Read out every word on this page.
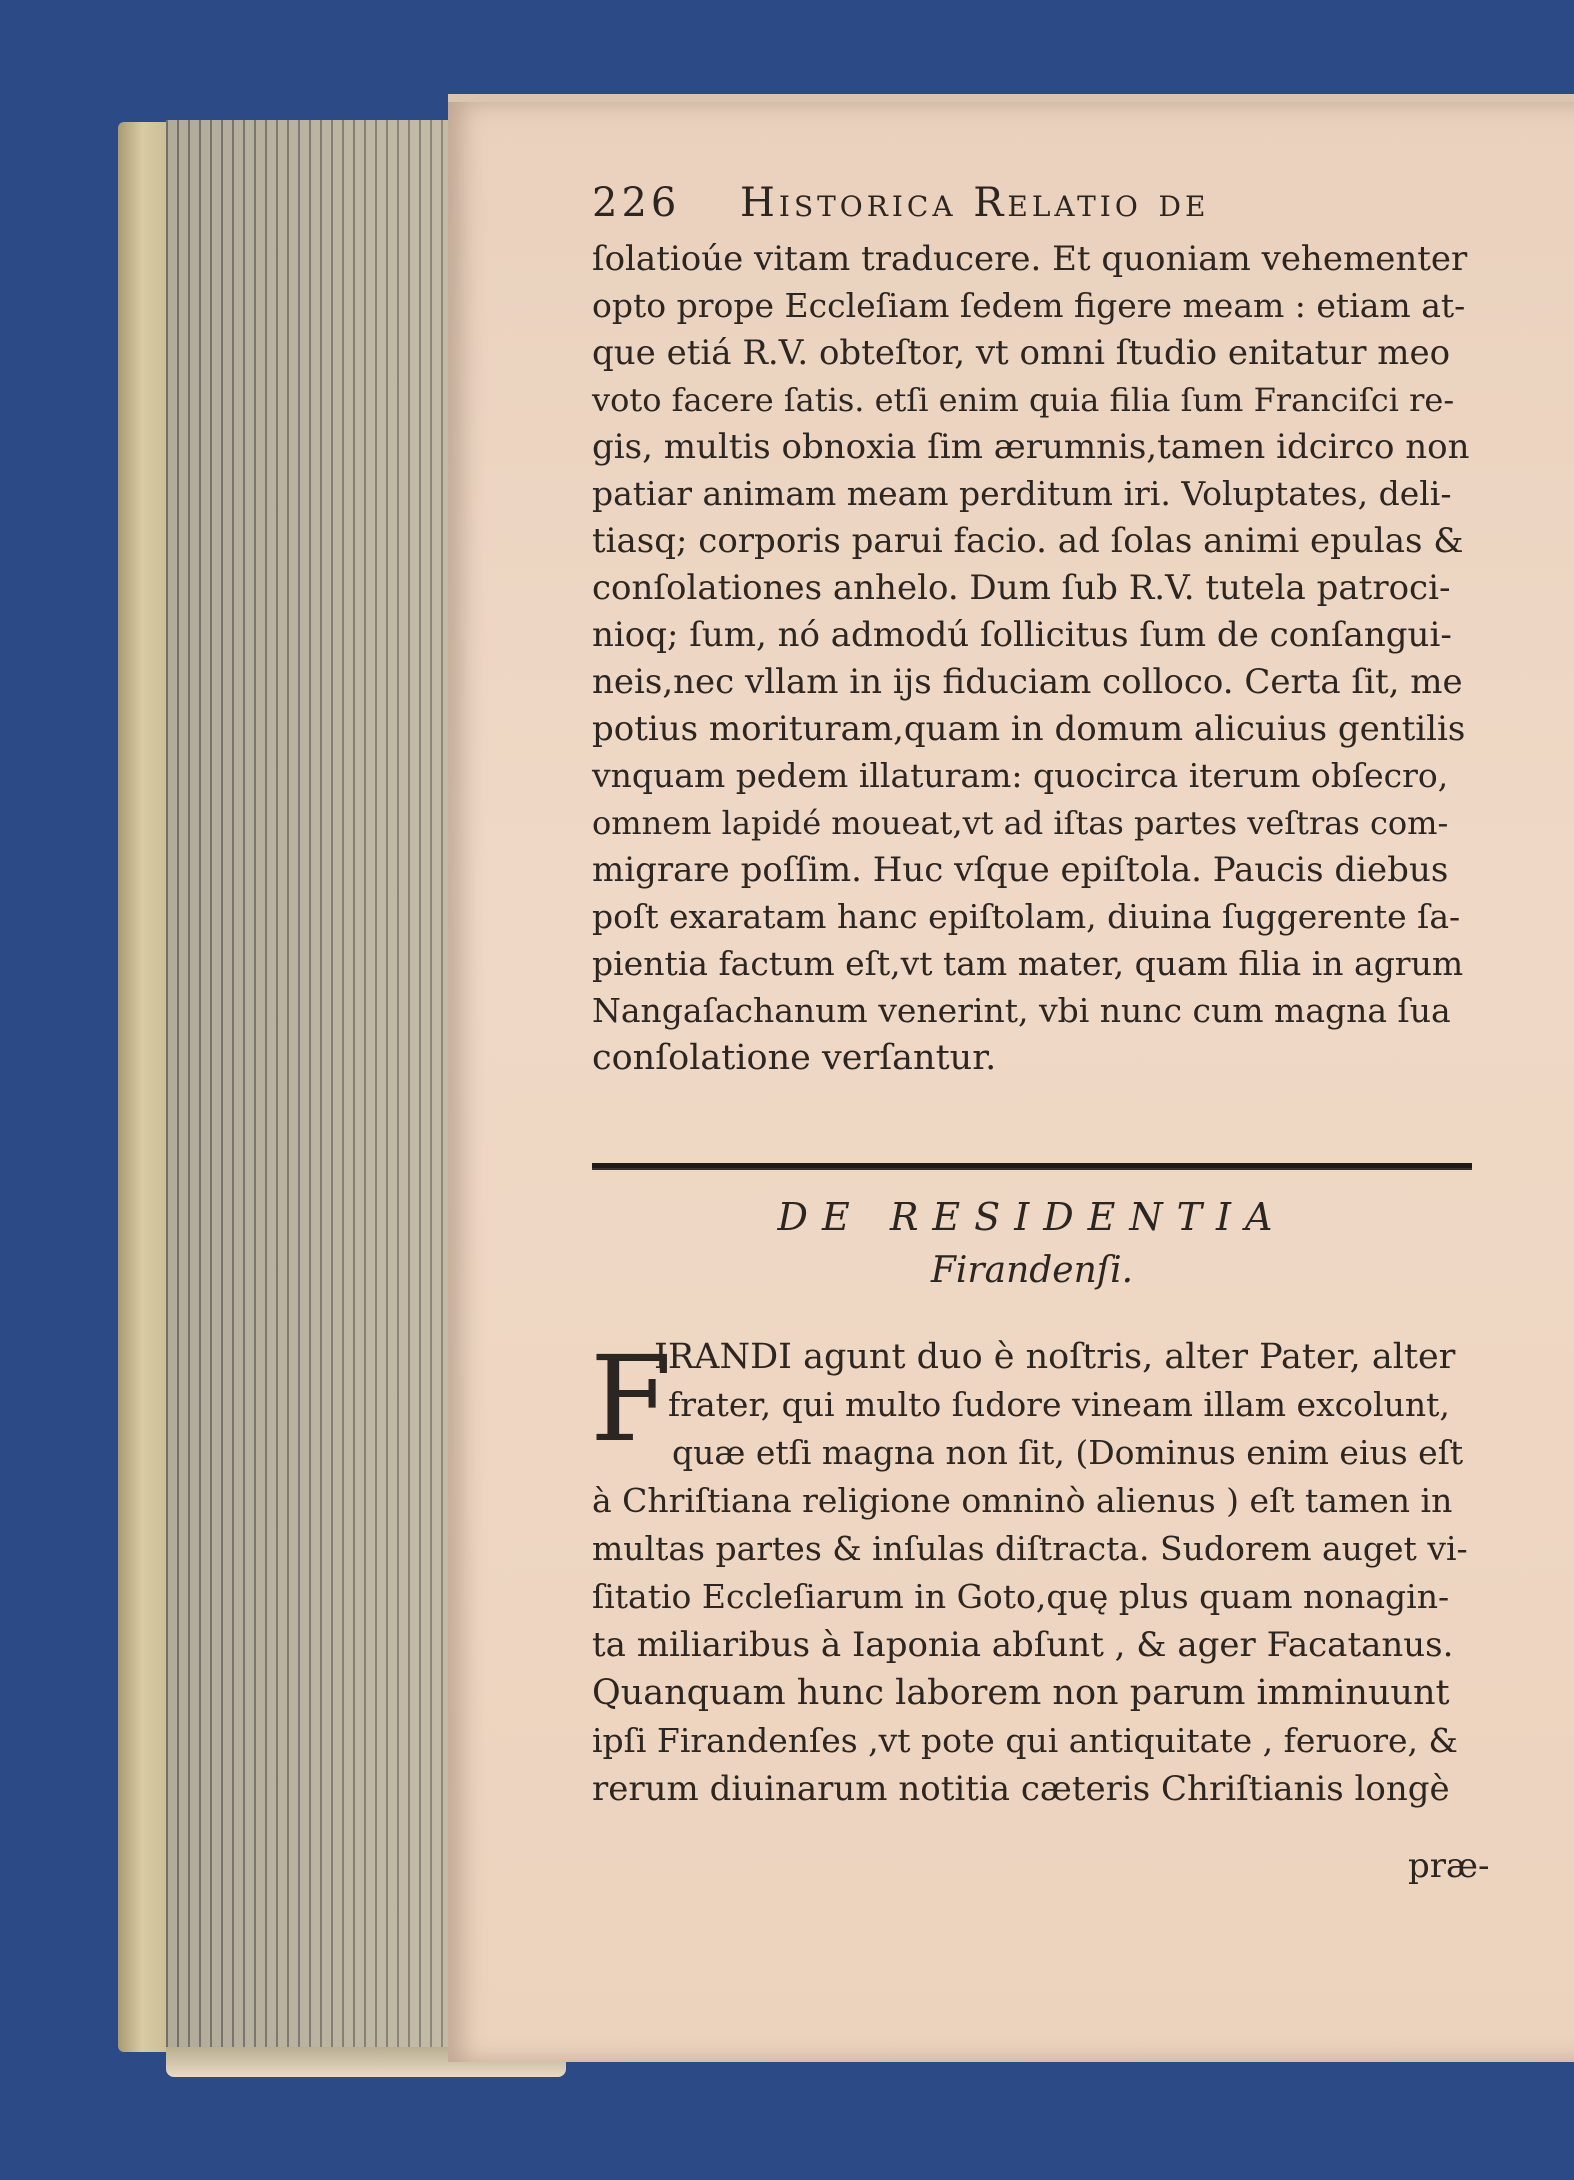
226 Historica Relatio de
ſolatioúe vitam traducere. Et quoniam vehementer
opto prope Eccleſiam ſedem figere meam : etiam at-
que etiá R.V. obteſtor, vt omni ſtudio enitatur meo
voto facere ſatis. etſi enim quia filia ſum Franciſci re-
gis, multis obnoxia ſim ærumnis,tamen idcirco non
patiar animam meam perditum iri. Voluptates, deli-
tiasq; corporis parui facio. ad ſolas animi epulas &
conſolationes anhelo. Dum ſub R.V. tutela patroci-
nioq; ſum, nó admodú ſollicitus ſum de conſangui-
neis,nec vllam in ijs fiduciam colloco. Certa ſit, me
potius morituram,quam in domum alicuius gentilis
vnquam pedem illaturam: quocirca iterum obſecro,
omnem lapidé moueat,vt ad iſtas partes veſtras com-
migrare poſſim. Huc vſque epiſtola. Paucis diebus
poſt exaratam hanc epiſtolam, diuina ſuggerente ſa-
pientia factum eſt,vt tam mater, quam filia in agrum
Nangaſachanum venerint, vbi nunc cum magna ſua
conſolatione verſantur.
DE RESIDENTIA
Firandenſi.
F
IRANDI agunt duo è noſtris, alter Pater, alter
frater, qui multo ſudore vineam illam excolunt,
quæ etſi magna non ſit, (Dominus enim eius eſt
à Chriſtiana religione omninò alienus ) eſt tamen in
multas partes & inſulas diſtracta. Sudorem auget vi-
ſitatio Eccleſiarum in Goto,quę plus quam nonagin-
ta miliaribus à Iaponia abſunt , & ager Facatanus.
Quanquam hunc laborem non parum imminuunt
ipſi Firandenſes ,vt pote qui antiquitate , feruore, &
rerum diuinarum notitia cæteris Chriſtianis longè
præ-
